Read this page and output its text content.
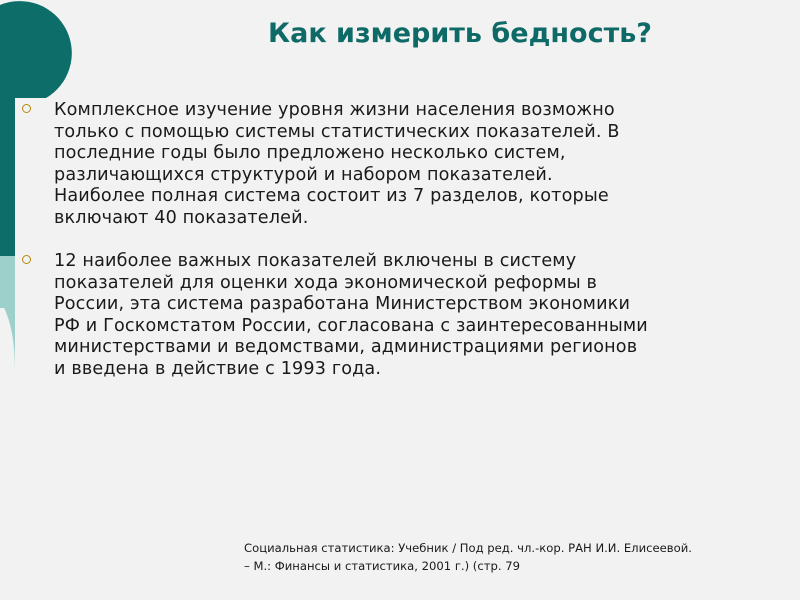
Как измерить бедность?
Комплексное изучение уровня жизни населения возможно
только с помощью системы статистических показателей. В
последние годы было предложено несколько систем,
различающихся структурой и набором показателей.
Наиболее полная система состоит из 7 разделов, которые
включают 40 показателей.
12 наиболее важных показателей включены в систему
показателей для оценки хода экономической реформы в
России, эта система разработана Министерством экономики
РФ и Госкомстатом России, согласована с заинтересованными
министерствами и ведомствами, администрациями регионов
и введена в действие с 1993 года.
Социальная статистика: Учебник / Под ред. чл.-кор. РАН И.И. Елисеевой.
– М.: Финансы и статистика, 2001 г.) (стр. 79
